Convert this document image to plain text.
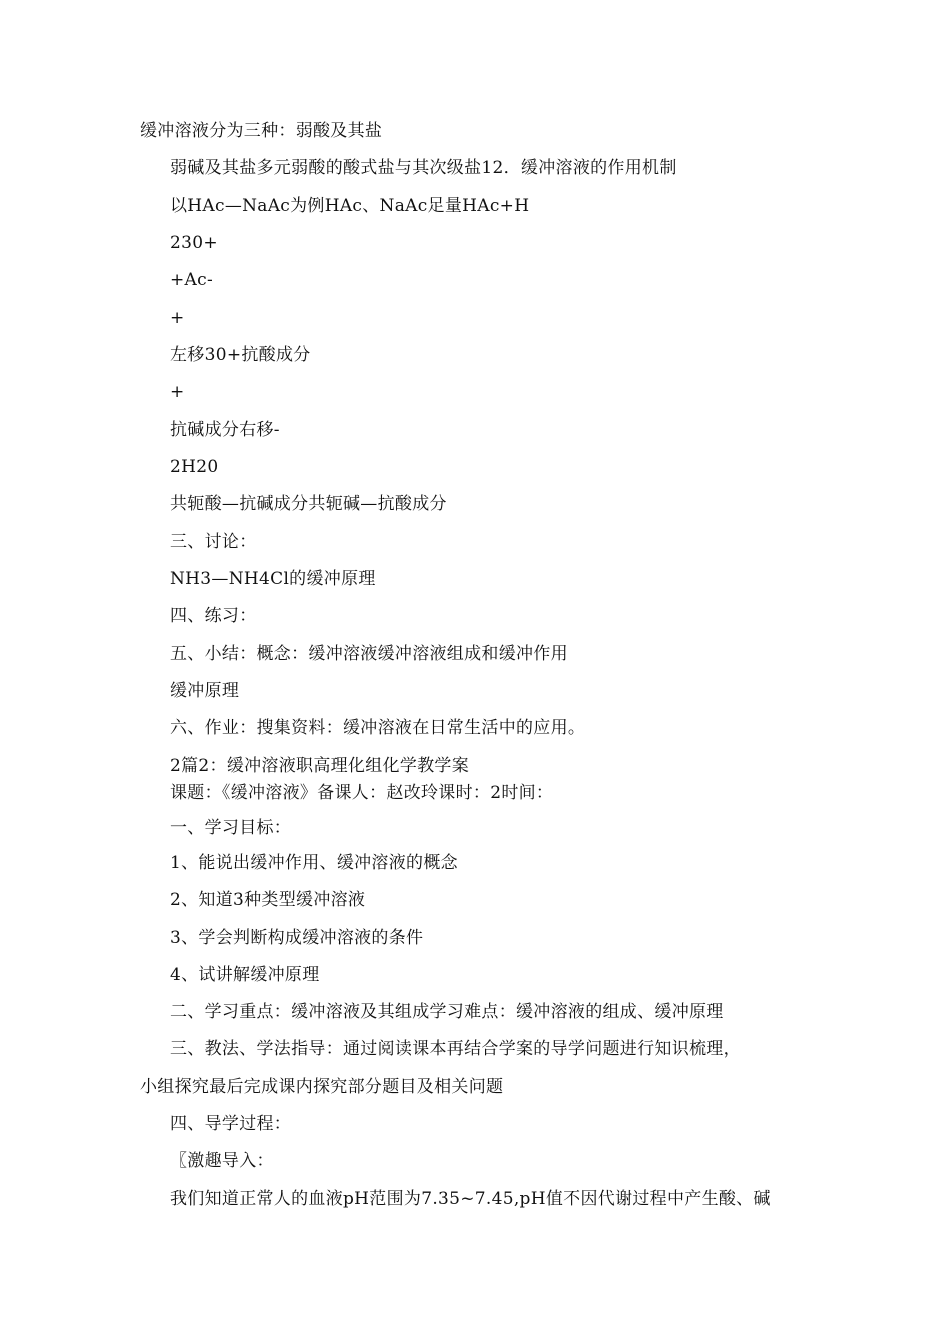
缓冲溶液分为三种：弱酸及其盐
弱碱及其盐多元弱酸的酸式盐与其次级盐12．缓冲溶液的作用机制
以HAc—NaAc为例HAc、NaAc足量HAc+H
230+
+Ac-
+
左移30+抗酸成分
+
抗碱成分右移-
2H20
共轭酸—抗碱成分共轭碱—抗酸成分
三、讨论：
NH3—NH4Cl的缓冲原理
四、练习：
五、小结：概念：缓冲溶液缓冲溶液组成和缓冲作用
缓冲原理
六、作业：搜集资料：缓冲溶液在日常生活中的应用。
2篇2：缓冲溶液职高理化组化学教学案
课题：《缓冲溶液》备课人：赵改玲课时：2时间：
一、学习目标：
1、能说出缓冲作用、缓冲溶液的概念
2、知道3种类型缓冲溶液
3、学会判断构成缓冲溶液的条件
4、试讲解缓冲原理
二、学习重点：缓冲溶液及其组成学习难点：缓冲溶液的组成、缓冲原理
三、教法、学法指导：通过阅读课本再结合学案的导学问题进行知识梳理，
小组探究最后完成课内探究部分题目及相关问题
四、导学过程：
〖激趣导入：
我们知道正常人的血液pH范围为7.35~7.45,pH值不因代谢过程中产生酸、碱
